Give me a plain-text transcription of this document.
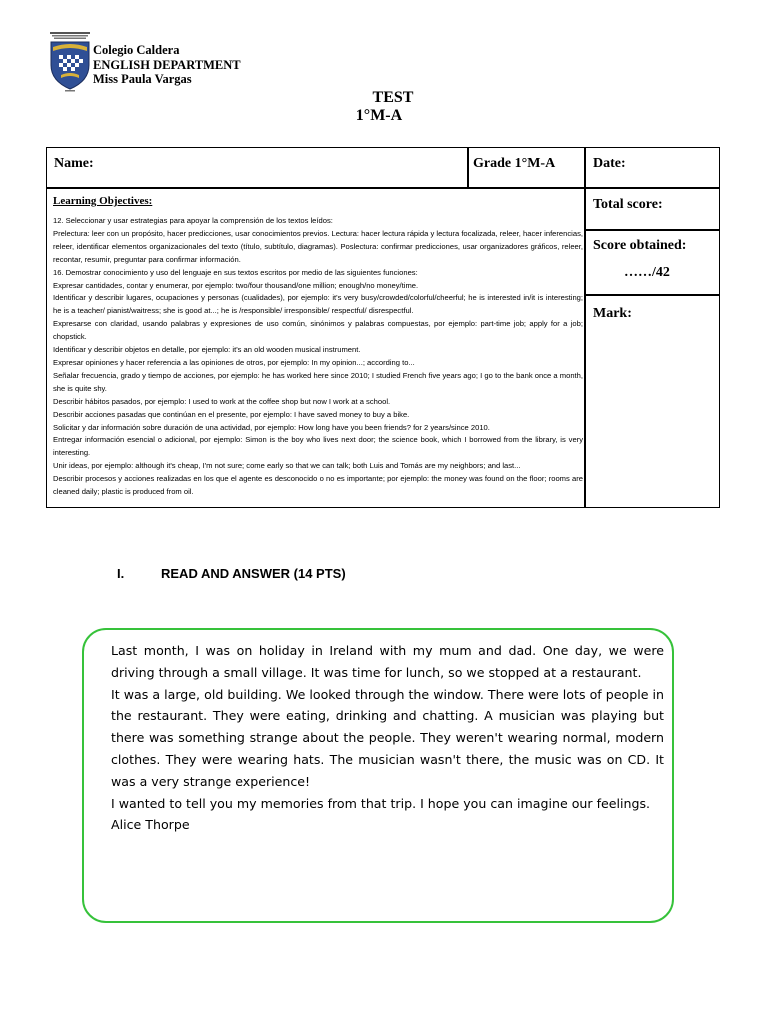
Colegio Caldera
ENGLISH DEPARTMENT
Miss Paula Vargas
TEST
1°M-A
Name:	Grade 1°M-A	Date:
Total score:
Score obtained:
……/42
Mark:
Learning Objectives:

12. Seleccionar y usar estrategias para apoyar la comprensión de los textos leídos:

Prelectura: leer con un propósito, hacer predicciones, usar conocimientos previos. Lectura: hacer lectura rápida y lectura focalizada, releer, hacer inferencias, releer, identificar elementos organizacionales del texto (título, subtítulo, diagramas). Poslectura: confirmar predicciones, usar organizadores gráficos, releer, recontar, resumir, preguntar para confirmar información.

16. Demostrar conocimiento y uso del lenguaje en sus textos escritos por medio de las siguientes funciones:

Expresar cantidades, contar y enumerar, por ejemplo: two/four thousand/one million; enough/no money/time.

Identificar y describir lugares, ocupaciones y personas (cualidades), por ejemplo: it's very busy/crowded/colorful/cheerful; he is interested in/it is interesting; he is a teacher/ pianist/waitress; she is good at...; he is /responsible/ irresponsible/ respectful/ disrespectful.

Expresarse con claridad, usando palabras y expresiones de uso común, sinónimos y palabras compuestas, por ejemplo: part-time job; apply for a job; chopstick.

Identificar y describir objetos en detalle, por ejemplo: it's an old wooden musical instrument.

Expresar opiniones y hacer referencia a las opiniones de otros, por ejemplo: In my opinion...; according to...

Señalar frecuencia, grado y tiempo de acciones, por ejemplo: he has worked here since 2010; I studied French five years ago; I go to the bank once a month, she is quite shy.

Describir hábitos pasados, por ejemplo: I used to work at the coffee shop but now I work at a school.

Describir acciones pasadas que continúan en el presente, por ejemplo: I have saved money to buy a bike.

Solicitar y dar información sobre duración de una actividad, por ejemplo: How long have you been friends? for 2 years/since 2010.

Entregar información esencial o adicional, por ejemplo: Simon is the boy who lives next door; the science book, which I borrowed from the library, is very interesting.

Unir ideas, por ejemplo: although it's cheap, I'm not sure; come early so that we can talk; both Luis and Tomás are my neighbors; and last...

Describir procesos y acciones realizadas en los que el agente es desconocido o no es importante; por ejemplo: the money was found on the floor; rooms are cleaned daily; plastic is produced from oil.

I.	READ AND ANSWER (14 PTS)

Last month, I was on holiday in Ireland with my mum and dad. One day, we were driving through a small village. It was time for lunch, so we stopped at a restaurant.

It was a large, old building. We looked through the window. There were lots of people in the restaurant. They were eating, drinking and chatting. A musician was playing but there was something strange about the people. They weren't wearing normal, modern clothes. They were wearing hats. The musician wasn't there, the music was on CD. It was a very strange experience!

I wanted to tell you my memories from that trip. I hope you can imagine our feelings.

Alice Thorpe
